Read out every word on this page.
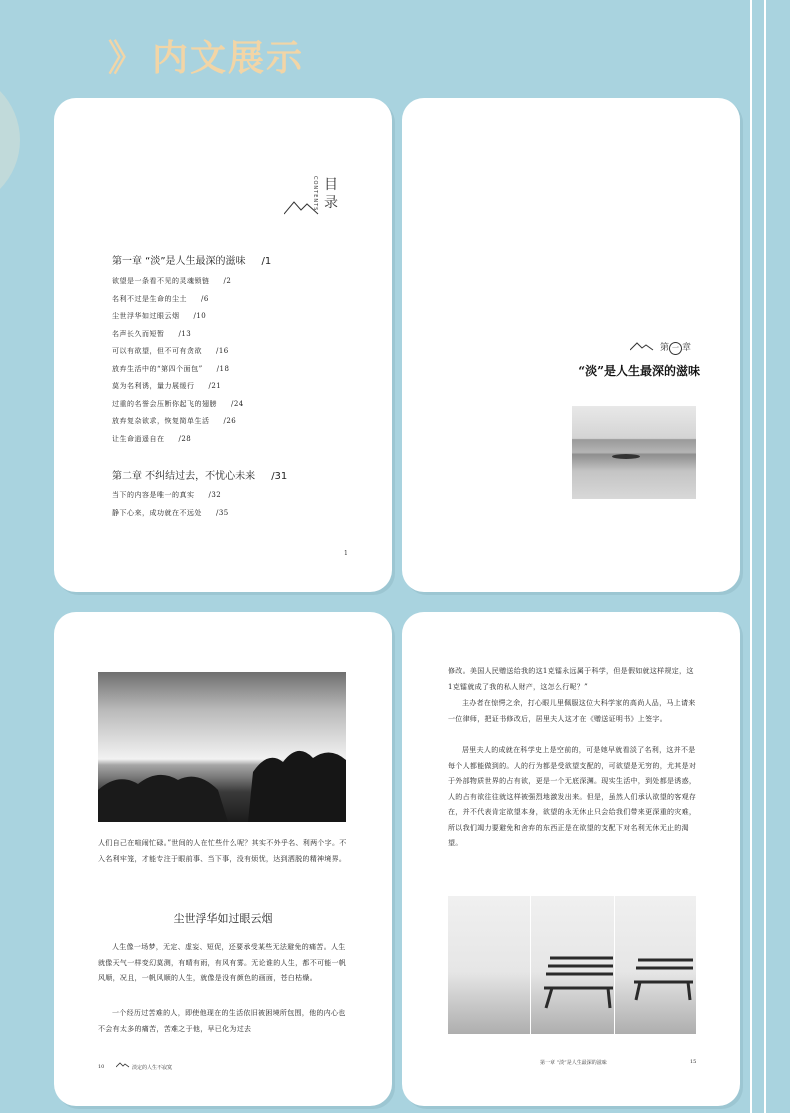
》 内文展示
目
录
CONTENTS
第一章 “淡”是人生最深的滋味 /1
欲望是一条看不见的灵魂锁链 /2
名利不过是生命的尘土 /6
尘世浮华如过眼云烟 /10
名声长久而短暂 /13
可以有欲望，但不可有贪欲 /16
放弃生活中的“第四个面包” /18
莫为名利诱，量力展缓行 /21
过重的名誉会压断你起飞的翅膀 /24
放弃复杂欲求，恢复简单生活 /26
让生命逍遥自在 /28
第二章 不纠结过去，不忧心未来 /31
当下的内容是唯一的真实 /32
静下心来，成功就在不远处 /35
1
第 一 章
“淡”是人生最深的滋味
人们自己在喧闹忙碌。”世间的人在忙些什么呢？其实不外乎名、利两个字。不入名利牢笼，才能专注于眼前事、当下事，没有烦忧，达到洒脱的精神境界。
尘世浮华如过眼云烟
人生像一场梦，无定、虚妄、短促，还要承受某些无法避免的痛苦。人生就像天气一样变幻莫测，有晴有雨，有风有雾。无论谁的人生，都不可能一帆风顺，况且，一帆风顺的人生，就像是没有颜色的画面，苍白枯燥。
一个经历过苦难的人，即使他现在的生活依旧被困境所包围，他的内心也不会有太多的痛苦，苦难之于他，早已化为过去
10	淡定的人生不寂寞
修改。美国人民赠送给我的这1克镭永远属于科学，但是假如就这样规定，这1克镭就成了我的私人财产，这怎么行呢？”
主办者在惊愕之余，打心眼儿里佩服这位大科学家的高尚人品，马上请来一位律师，把证书修改后，居里夫人这才在《赠送证明书》上签字。
居里夫人的成就在科学史上是空前的，可是她早就看淡了名利，这并不是每个人都能做到的。人的行为都是受欲望支配的，可欲望是无穷的，尤其是对于外部物质世界的占有欲，更是一个无底深渊。现实生活中，到处都是诱惑，人的占有欲往往就这样被强烈地激发出来。但是，虽然人们承认欲望的客观存在，并不代表肯定欲望本身，欲望的永无休止只会给我们带来更深重的灾难，所以我们竭力要避免和舍弃的东西正是在欲望的支配下对名利无休无止的渴望。
第一章 “淡”是人生最深的滋味	15
